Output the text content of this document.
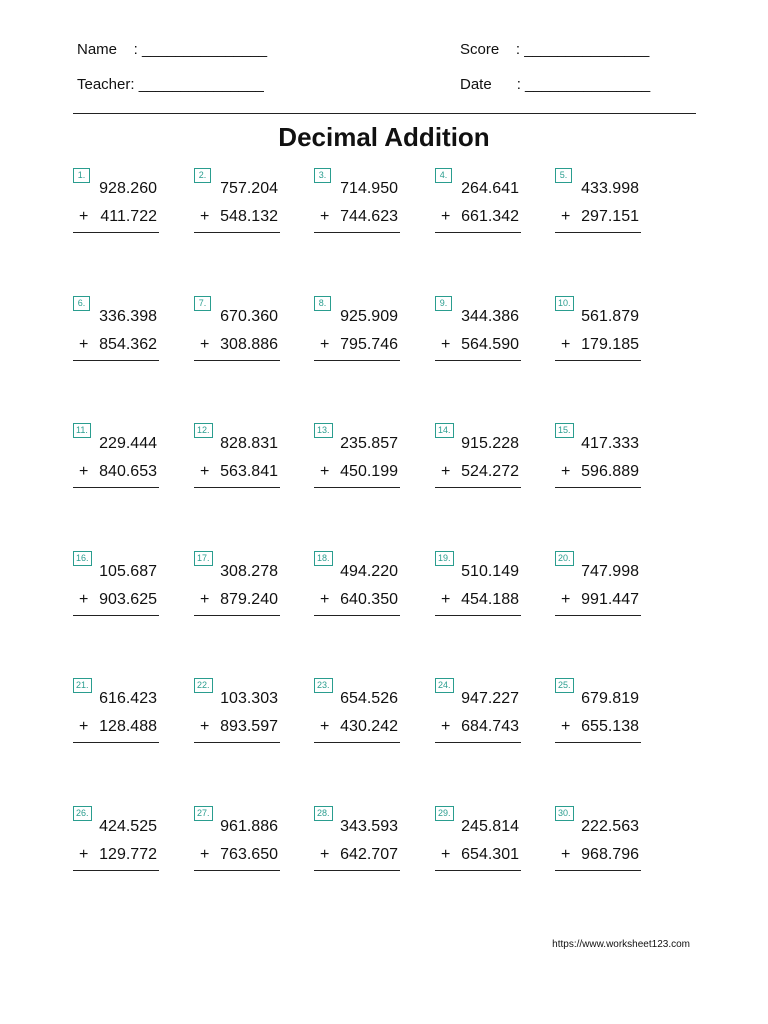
Name    : _______________
Teacher: _______________
Score    : _______________
Date      : _______________
Decimal Addition
1.
928.260
+ 411.722
2.
757.204
+ 548.132
3.
714.950
+ 744.623
4.
264.641
+ 661.342
5.
433.998
+ 297.151
6.
336.398
+ 854.362
7.
670.360
+ 308.886
8.
925.909
+ 795.746
9.
344.386
+ 564.590
10.
561.879
+ 179.185
11.
229.444
+ 840.653
12.
828.831
+ 563.841
13.
235.857
+ 450.199
14.
915.228
+ 524.272
15.
417.333
+ 596.889
16.
105.687
+ 903.625
17.
308.278
+ 879.240
18.
494.220
+ 640.350
19.
510.149
+ 454.188
20.
747.998
+ 991.447
21.
616.423
+ 128.488
22.
103.303
+ 893.597
23.
654.526
+ 430.242
24.
947.227
+ 684.743
25.
679.819
+ 655.138
26.
424.525
+ 129.772
27.
961.886
+ 763.650
28.
343.593
+ 642.707
29.
245.814
+ 654.301
30.
222.563
+ 968.796
https://www.worksheet123.com
